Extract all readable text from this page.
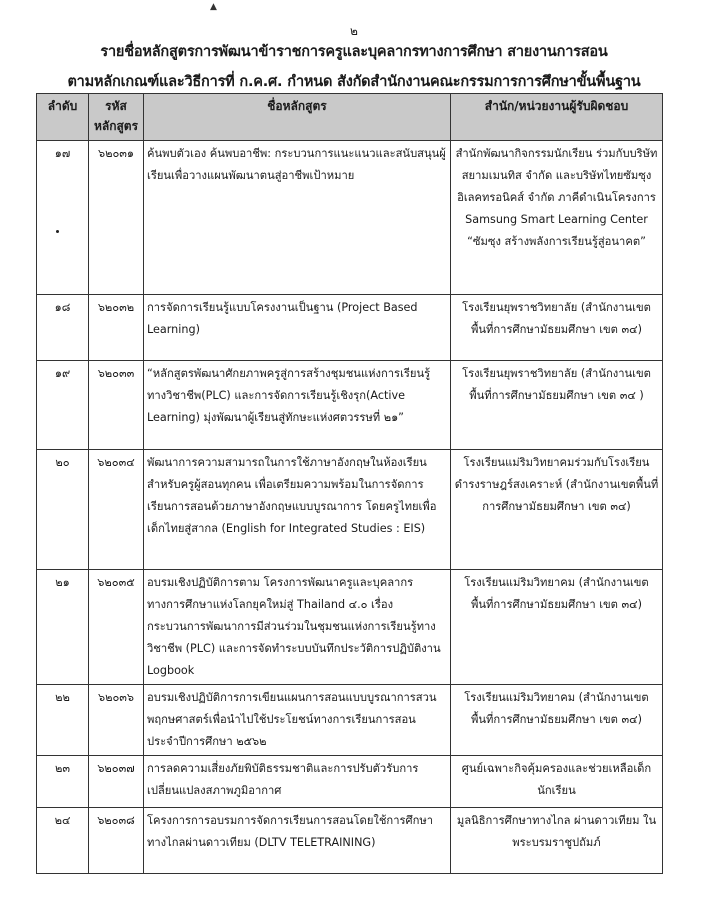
▲
๒
รายชื่อหลักสูตรการพัฒนาข้าราชการครูและบุคลากรทางการศึกษา สายงานการสอน
ตามหลักเกณฑ์และวิธีการที่ ก.ค.ศ. กำหนด สังกัดสำนักงานคณะกรรมการการศึกษาขั้นพื้นฐาน
ลำดับ	รหัส หลักสูตร	ชื่อหลักสูตร	สำนัก/หน่วยงานผู้รับผิดชอบ
๑๗	๖๒๐๓๑	ค้นพบตัวเอง ค้นพบอาชีพ: กระบวนการแนะแนวและสนับสนุนผู้เรียนเพื่อวางแผนพัฒนาตนสู่อาชีพเป้าหมาย	สำนักพัฒนากิจกรรมนักเรียน ร่วมกับบริษัทสยามเมนทิส จำกัด และบริษัทไทยซัมซุงอิเลคทรอนิคส์ จำกัด ภาคีดำเนินโครงการ Samsung Smart Learning Center “ซัมซุง สร้างพลังการเรียนรู้สู่อนาคต”
๑๘	๖๒๐๓๒	การจัดการเรียนรู้แบบโครงงานเป็นฐาน (Project Based Learning)	โรงเรียนยุพราชวิทยาลัย (สำนักงานเขตพื้นที่การศึกษามัธยมศึกษา เขต ๓๔)
๑๙	๖๒๐๓๓	“หลักสูตรพัฒนาศักยภาพครูสู่การสร้างชุมชนแห่งการเรียนรู้ทางวิชาชีพ(PLC) และการจัดการเรียนรู้เชิงรุก(Active Learning) มุ่งพัฒนาผู้เรียนสู่ทักษะแห่งศตวรรษที่ ๒๑”	โรงเรียนยุพราชวิทยาลัย (สำนักงานเขตพื้นที่การศึกษามัธยมศึกษา เขต ๓๔ )
๒๐	๖๒๐๓๔	พัฒนาการความสามารถในการใช้ภาษาอังกฤษในห้องเรียนสำหรับครูผู้สอนทุกคน เพื่อเตรียมความพร้อมในการจัดการเรียนการสอนด้วยภาษาอังกฤษแบบบูรณาการ โดยครูไทยเพื่อเด็กไทยสู่สากล (English for Integrated Studies : EIS)	โรงเรียนแม่ริมวิทยาคมร่วมกับโรงเรียนดำรงราษฎร์สงเคราะห์ (สำนักงานเขตพื้นที่การศึกษามัธยมศึกษา เขต ๓๔)
๒๑	๖๒๐๓๕	อบรมเชิงปฏิบัติการตาม โครงการพัฒนาครูและบุคลากรทางการศึกษาแห่งโลกยุคใหม่สู่ Thailand ๔.๐ เรื่อง กระบวนการพัฒนาการมีส่วนร่วมในชุมชนแห่งการเรียนรู้ทางวิชาชีพ (PLC) และการจัดทำระบบบันทึกประวัติการปฏิบัติงาน Logbook	โรงเรียนแม่ริมวิทยาคม (สำนักงานเขตพื้นที่การศึกษามัธยมศึกษา เขต ๓๔)
๒๒	๖๒๐๓๖	อบรมเชิงปฏิบัติการการเขียนแผนการสอนแบบบูรณาการสวนพฤกษศาสตร์เพื่อนำไปใช้ประโยชน์ทางการเรียนการสอน ประจำปีการศึกษา ๒๕๖๒	โรงเรียนแม่ริมวิทยาคม (สำนักงานเขตพื้นที่การศึกษามัธยมศึกษา เขต ๓๔)
๒๓	๖๒๐๓๗	การลดความเสี่ยงภัยพิบัติธรรมชาติและการปรับตัวรับการเปลี่ยนแปลงสภาพภูมิอากาศ	ศูนย์เฉพาะกิจคุ้มครองและช่วยเหลือเด็กนักเรียน
๒๔	๖๒๐๓๘	โครงการการอบรมการจัดการเรียนการสอนโดยใช้การศึกษาทางไกลผ่านดาวเทียม (DLTV TELETRAINING)	มูลนิธิการศึกษาทางไกล ผ่านดาวเทียม ในพระบรมราชูปถัมภ์
